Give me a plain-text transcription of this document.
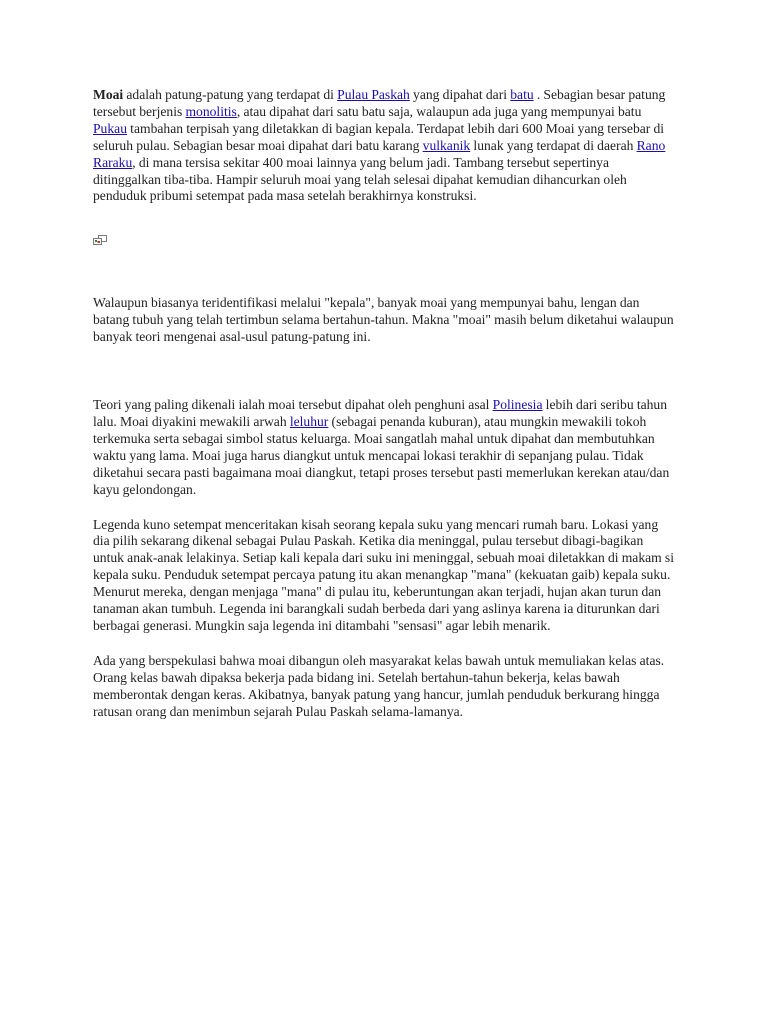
Moai adalah patung-patung yang terdapat di Pulau Paskah yang dipahat dari batu . Sebagian besar patung tersebut berjenis monolitis, atau dipahat dari satu batu saja, walaupun ada juga yang mempunyai batu Pukau tambahan terpisah yang diletakkan di bagian kepala. Terdapat lebih dari 600 Moai yang tersebar di seluruh pulau. Sebagian besar moai dipahat dari batu karang vulkanik lunak yang terdapat di daerah Rano Raraku, di mana tersisa sekitar 400 moai lainnya yang belum jadi. Tambang tersebut sepertinya ditinggalkan tiba-tiba. Hampir seluruh moai yang telah selesai dipahat kemudian dihancurkan oleh penduduk pribumi setempat pada masa setelah berakhirnya konstruksi.

Walaupun biasanya teridentifikasi melalui "kepala", banyak moai yang mempunyai bahu, lengan dan batang tubuh yang telah tertimbun selama bertahun-tahun. Makna "moai" masih belum diketahui walaupun banyak teori mengenai asal-usul patung-patung ini.

Teori yang paling dikenali ialah moai tersebut dipahat oleh penghuni asal Polinesia lebih dari seribu tahun lalu. Moai diyakini mewakili arwah leluhur (sebagai penanda kuburan), atau mungkin mewakili tokoh terkemuka serta sebagai simbol status keluarga. Moai sangatlah mahal untuk dipahat dan membutuhkan waktu yang lama. Moai juga harus diangkut untuk mencapai lokasi terakhir di sepanjang pulau. Tidak diketahui secara pasti bagaimana moai diangkut, tetapi proses tersebut pasti memerlukan kerekan atau/dan kayu gelondongan.

Legenda kuno setempat menceritakan kisah seorang kepala suku yang mencari rumah baru. Lokasi yang dia pilih sekarang dikenal sebagai Pulau Paskah. Ketika dia meninggal, pulau tersebut dibagi-bagikan untuk anak-anak lelakinya. Setiap kali kepala dari suku ini meninggal, sebuah moai diletakkan di makam si kepala suku. Penduduk setempat percaya patung itu akan menangkap "mana" (kekuatan gaib) kepala suku. Menurut mereka, dengan menjaga "mana" di pulau itu, keberuntungan akan terjadi, hujan akan turun dan tanaman akan tumbuh. Legenda ini barangkali sudah berbeda dari yang aslinya karena ia diturunkan dari berbagai generasi. Mungkin saja legenda ini ditambahi "sensasi" agar lebih menarik.

Ada yang berspekulasi bahwa moai dibangun oleh masyarakat kelas bawah untuk memuliakan kelas atas. Orang kelas bawah dipaksa bekerja pada bidang ini. Setelah bertahun-tahun bekerja, kelas bawah memberontak dengan keras. Akibatnya, banyak patung yang hancur, jumlah penduduk berkurang hingga ratusan orang dan menimbun sejarah Pulau Paskah selama-lamanya.
